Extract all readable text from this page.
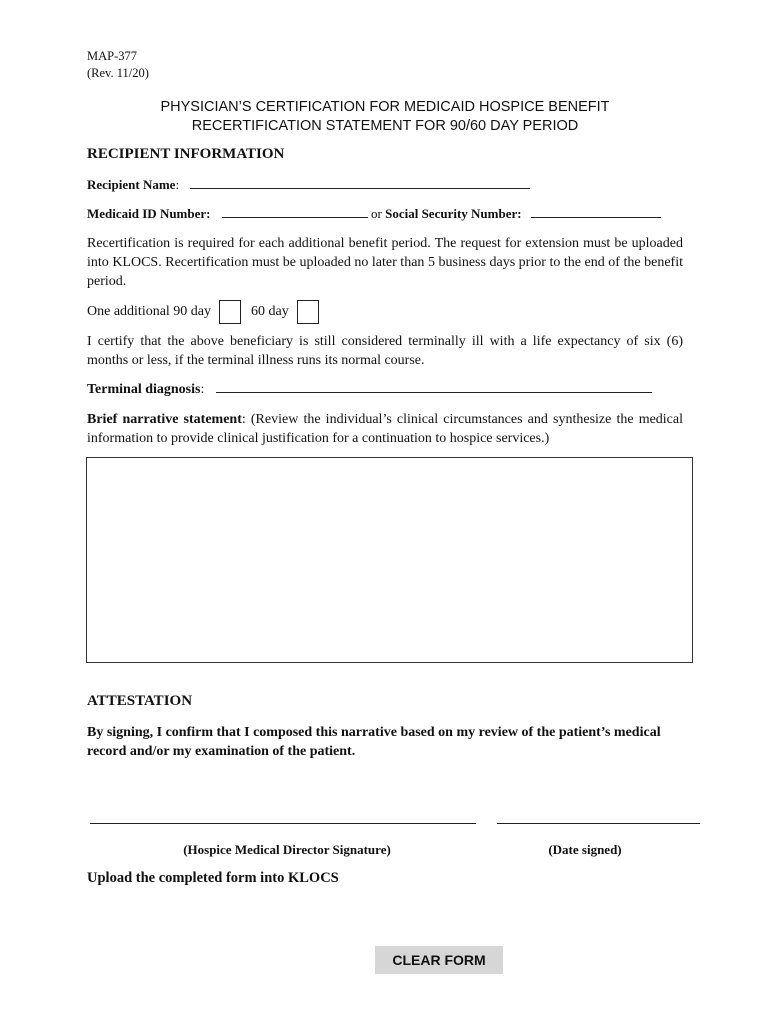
MAP-377
(Rev. 11/20)
PHYSICIAN’S CERTIFICATION FOR MEDICAID HOSPICE BENEFIT
RECERTIFICATION STATEMENT FOR 90/60 DAY PERIOD
RECIPIENT INFORMATION
Recipient Name:
Medicaid ID Number:	or Social Security Number:
Recertification is required for each additional benefit period. The request for extension must be uploaded into KLOCS. Recertification must be uploaded no later than 5 business days prior to the end of the benefit period.
One additional 90 day	60 day
I certify that the above beneficiary is still considered terminally ill with a life expectancy of six (6) months or less, if the terminal illness runs its normal course.
Terminal diagnosis:
Brief narrative statement: (Review the individual’s clinical circumstances and synthesize the medical information to provide clinical justification for a continuation to hospice services.)
ATTESTATION
By signing, I confirm that I composed this narrative based on my review of the patient’s medical record and/or my examination of the patient.
(Hospice Medical Director Signature)	(Date signed)
Upload the completed form into KLOCS
CLEAR FORM
